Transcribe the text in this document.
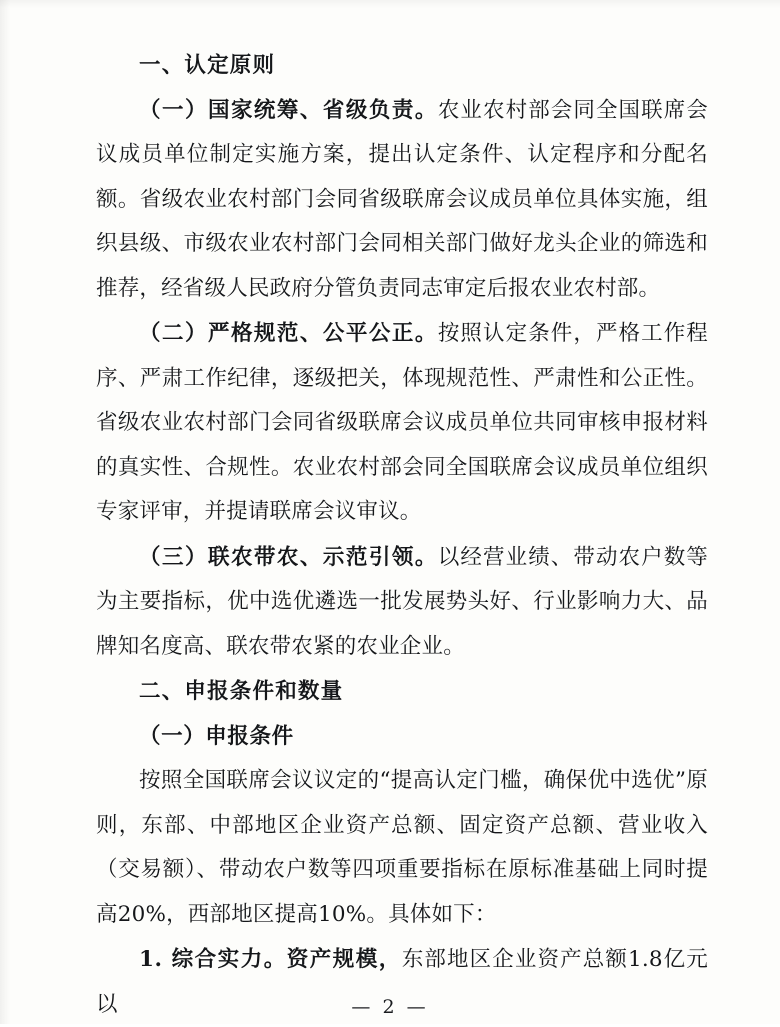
一、认定原则

（一）国家统筹、省级负责。农业农村部会同全国联席会议成员单位制定实施方案，提出认定条件、认定程序和分配名额。省级农业农村部门会同省级联席会议成员单位具体实施，组织县级、市级农业农村部门会同相关部门做好龙头企业的筛选和推荐，经省级人民政府分管负责同志审定后报农业农村部。

（二）严格规范、公平公正。按照认定条件，严格工作程序、严肃工作纪律，逐级把关，体现规范性、严肃性和公正性。省级农业农村部门会同省级联席会议成员单位共同审核申报材料的真实性、合规性。农业农村部会同全国联席会议成员单位组织专家评审，并提请联席会议审议。

（三）联农带农、示范引领。以经营业绩、带动农户数等为主要指标，优中选优遴选一批发展势头好、行业影响力大、品牌知名度高、联农带农紧的农业企业。

二、申报条件和数量

（一）申报条件

按照全国联席会议议定的“提高认定门槛，确保优中选优”原则，东部、中部地区企业资产总额、固定资产总额、营业收入（交易额）、带动农户数等四项重要指标在原标准基础上同时提高20%，西部地区提高10%。具体如下：

1. 综合实力。资产规模，东部地区企业资产总额1.8亿元以	— 2 —
